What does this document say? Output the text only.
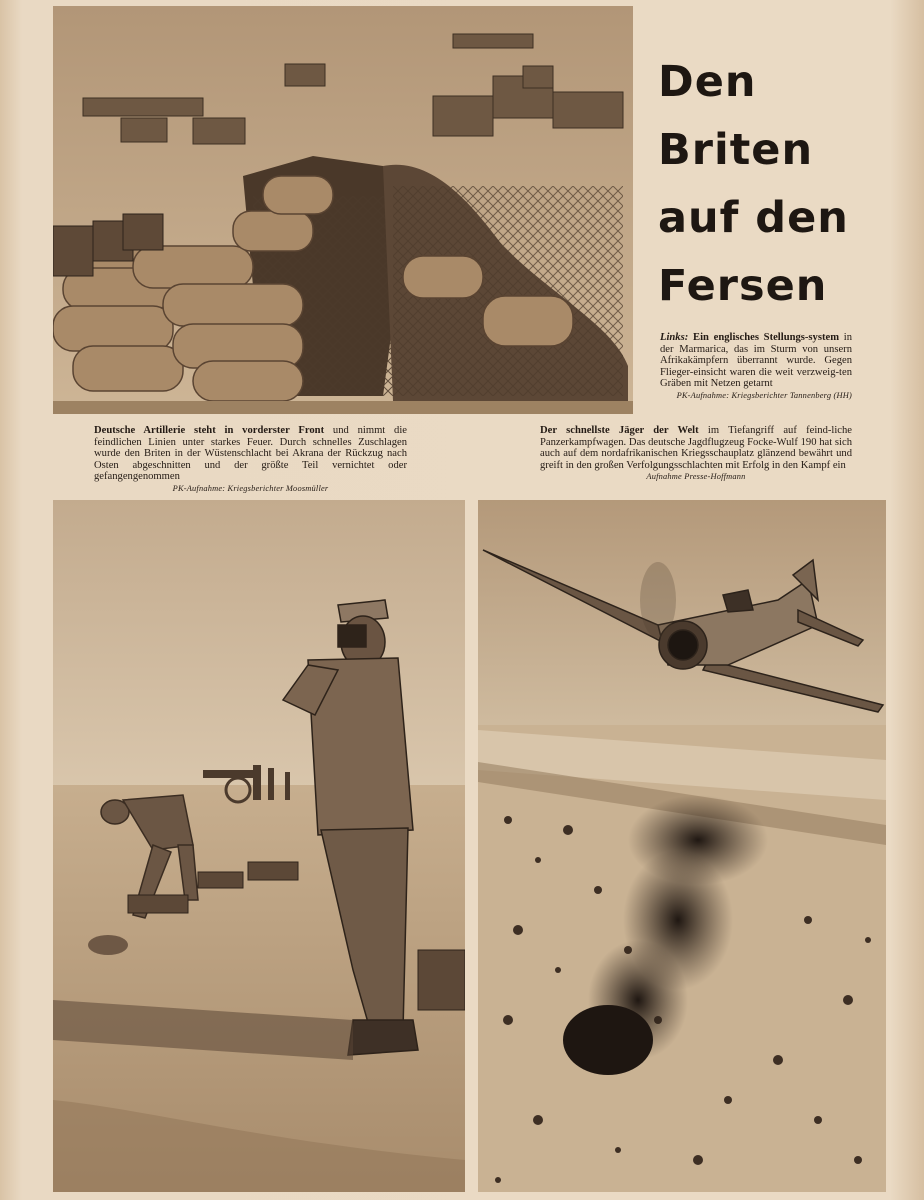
Den
Briten
auf den
Fersen
Links: Ein englisches Stellungs-system in der Marmarica, das im Sturm von unsern Afrikakämpfern überrannt wurde. Gegen Flieger-einsicht waren die weit verzweig-ten Gräben mit Netzen getarnt
PK-Aufnahme: Kriegsberichter Tannenberg (HH)
Deutsche Artillerie steht in vorderster Front und nimmt die feindlichen Linien unter starkes Feuer. Durch schnelles Zuschlagen wurde den Briten in der Wüstenschlacht bei Akrana der Rückzug nach Osten abgeschnitten und der größte Teil vernichtet oder gefangengenommen
PK-Aufnahme: Kriegsberichter Moosmüller
Der schnellste Jäger der Welt im Tiefangriff auf feind-liche Panzerkampfwagen. Das deutsche Jagdflugzeug Focke-Wulf 190 hat sich auch auf dem nordafrikanischen Kriegsschauplatz glänzend bewährt und greift in den großen Verfolgungsschlachten mit Erfolg in den Kampf ein
Aufnahme Presse-Hoffmann
